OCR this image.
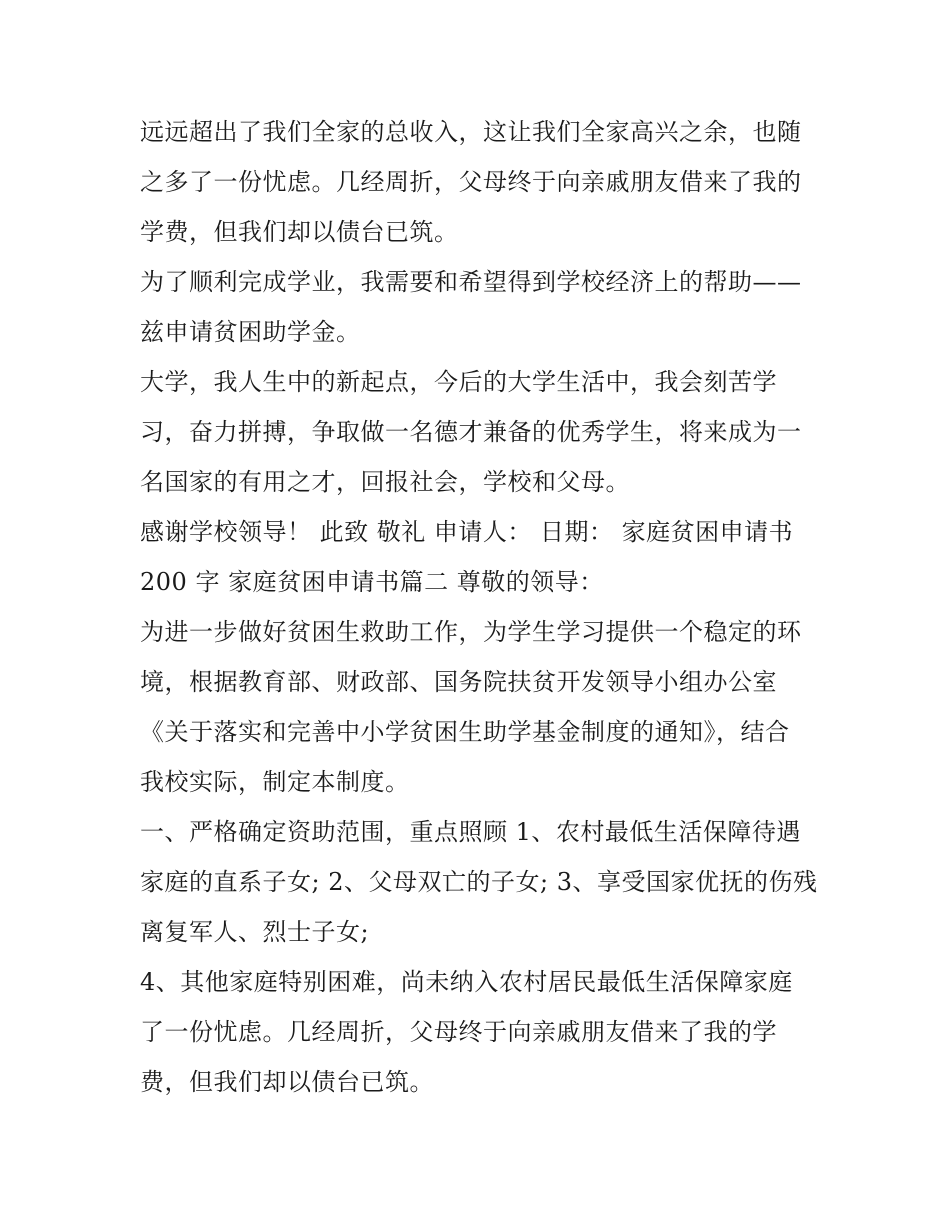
远远超出了我们全家的总收入，这让我们全家高兴之余，也随
之多了一份忧虑。几经周折，父母终于向亲戚朋友借来了我的
学费，但我们却以债台已筑。
为了顺利完成学业，我需要和希望得到学校经济上的帮助——
兹申请贫困助学金。
大学，我人生中的新起点，今后的大学生活中，我会刻苦学
习，奋力拼搏，争取做一名德才兼备的优秀学生，将来成为一
名国家的有用之才，回报社会，学校和父母。
感谢学校领导！ 此致 敬礼 申请人： 日期： 家庭贫困申请书
200 字 家庭贫困申请书篇二 尊敬的领导：
为进一步做好贫困生救助工作，为学生学习提供一个稳定的环
境，根据教育部、财政部、国务院扶贫开发领导小组办公室
《关于落实和完善中小学贫困生助学基金制度的通知》，结合
我校实际，制定本制度。
一、严格确定资助范围，重点照顾 1、农村最低生活保障待遇
家庭的直系子女; 2、父母双亡的子女; 3、享受国家优抚的伤残
离复军人、烈士子女;
4、其他家庭特别困难，尚未纳入农村居民最低生活保障家庭
了一份忧虑。几经周折，父母终于向亲戚朋友借来了我的学
费，但我们却以债台已筑。
